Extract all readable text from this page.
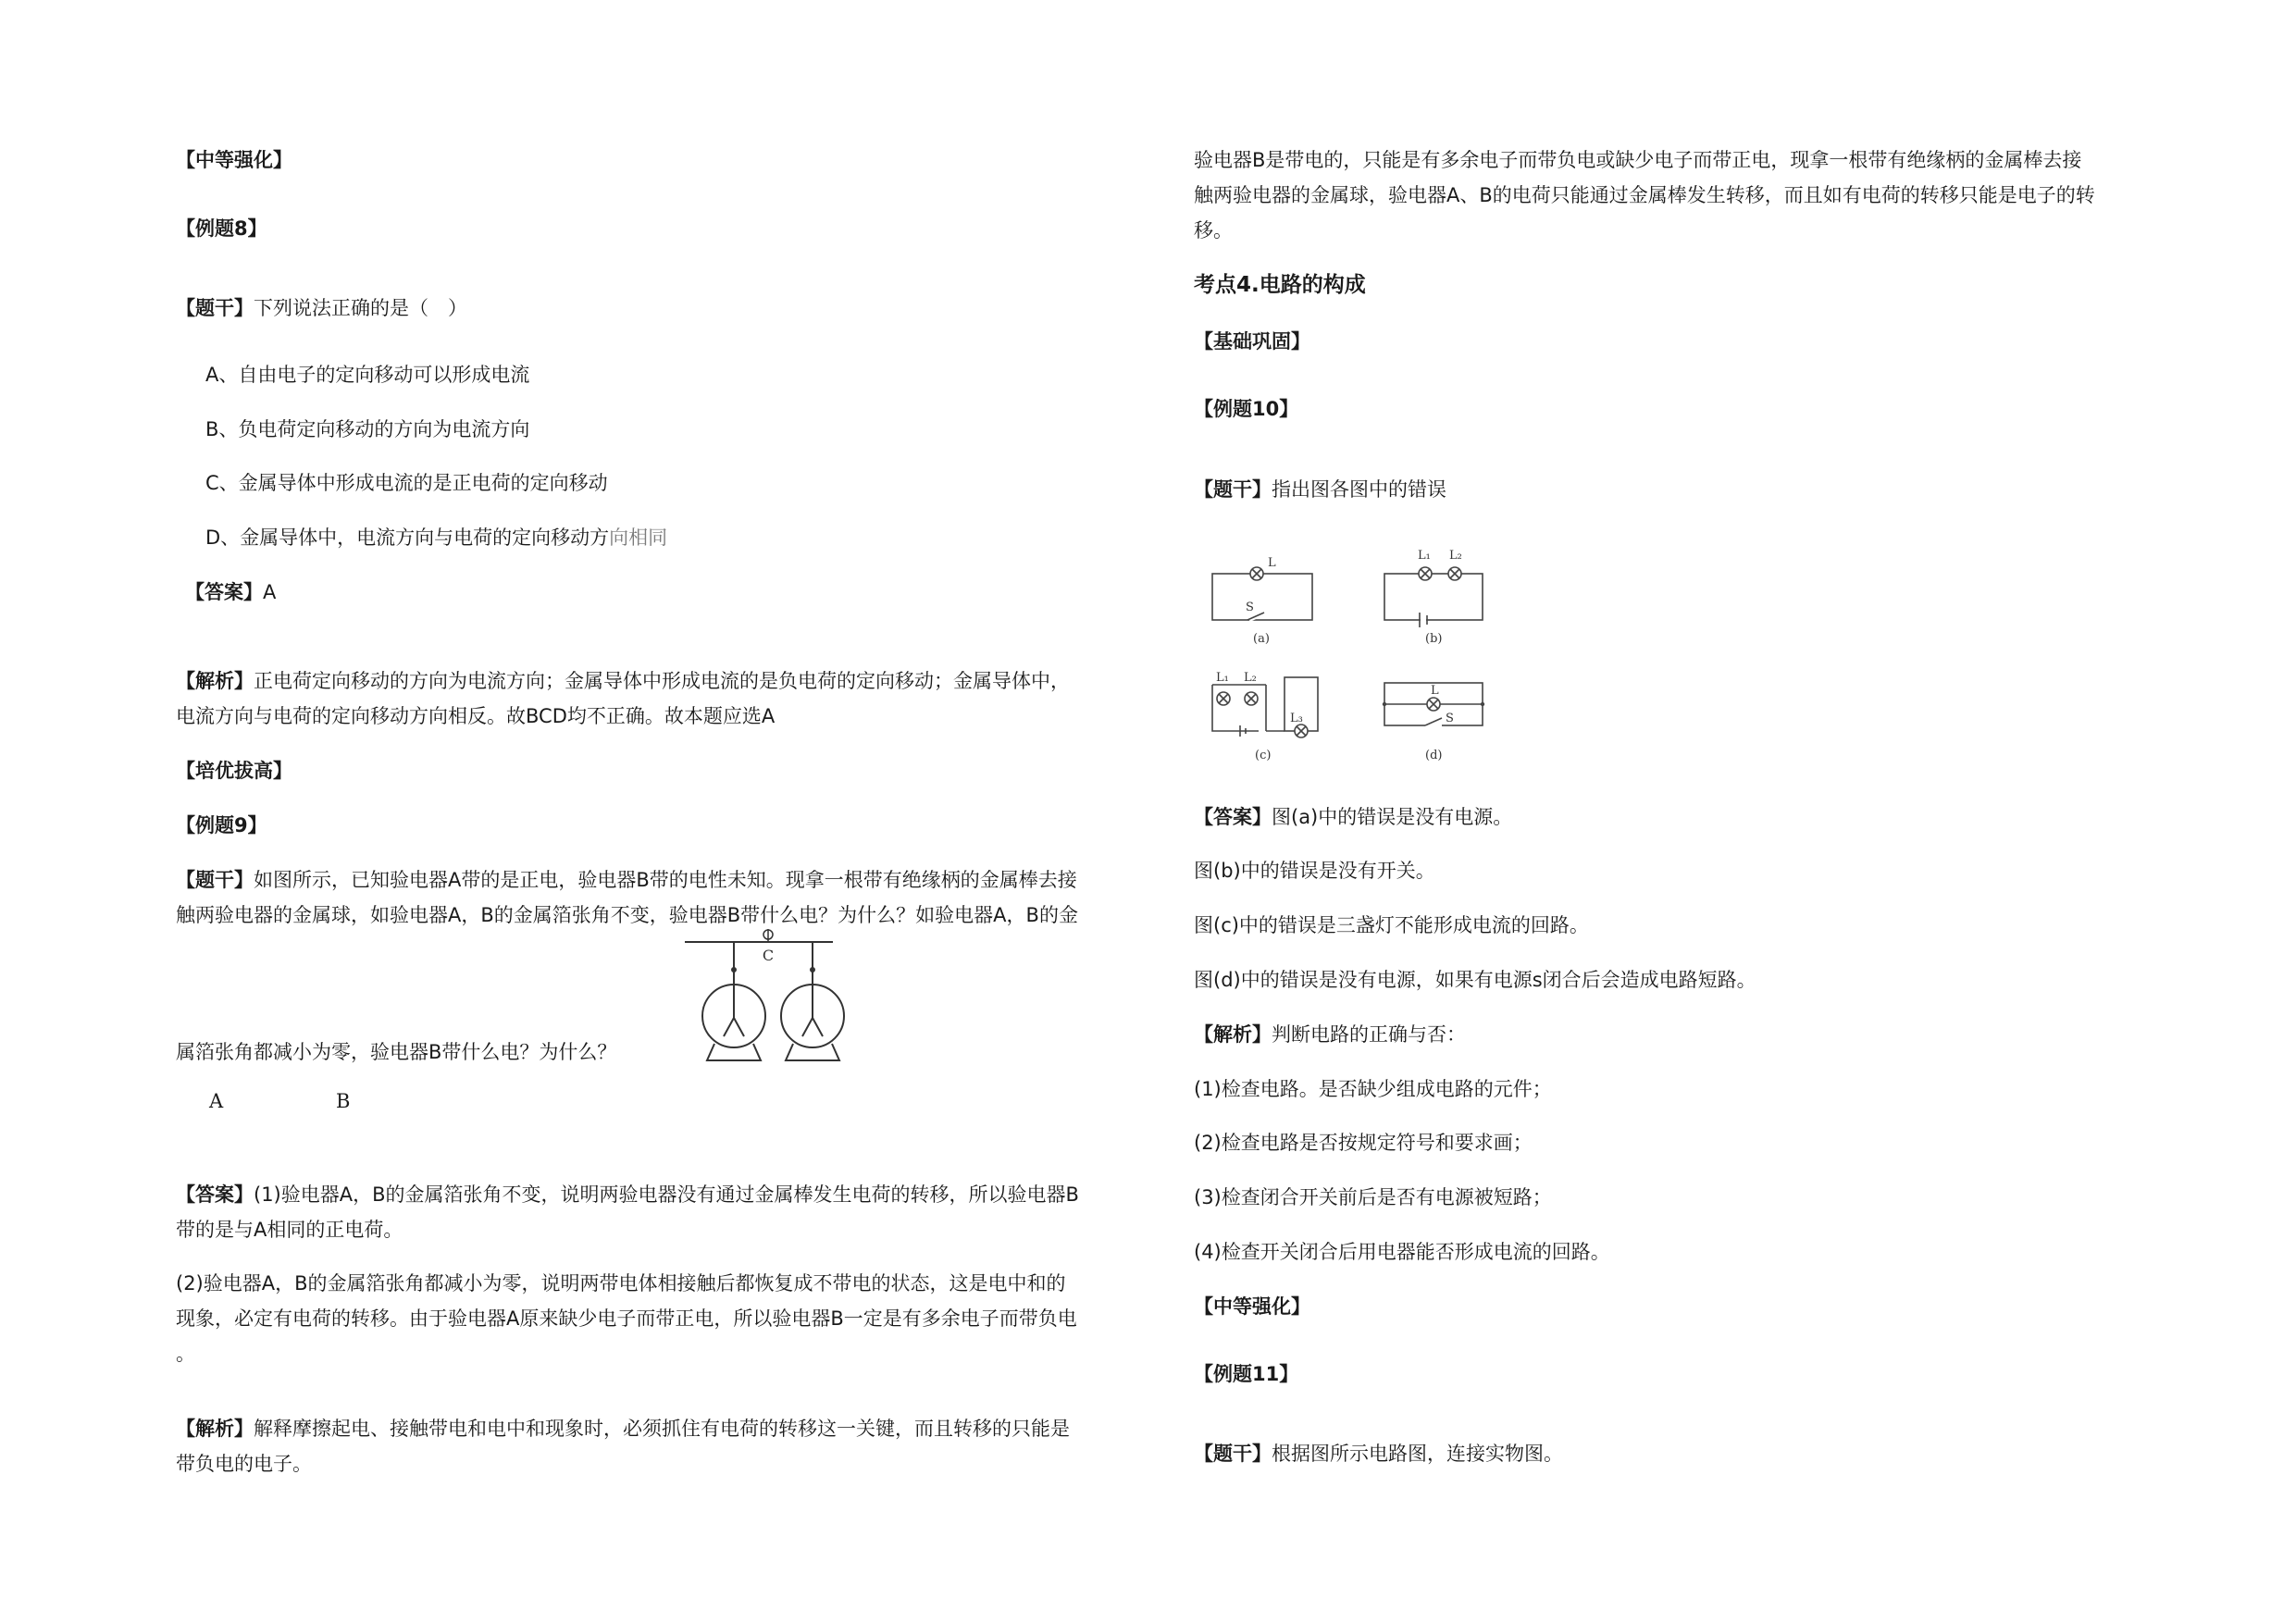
【中等强化】
【例题8】
【题干】下列说法正确的是（　）
A、自由电子的定向移动可以形成电流
B、负电荷定向移动的方向为电流方向
C、金属导体中形成电流的是正电荷的定向移动
D、金属导体中，电流方向与电荷的定向移动方向相同
【答案】A
【解析】正电荷定向移动的方向为电流方向；金属导体中形成电流的是负电荷的定向移动；金属导体中，
电流方向与电荷的定向移动方向相反。故BCD均不正确。故本题应选A
【培优拔高】
【例题9】
【题干】如图所示，已知验电器A带的是正电，验电器B带的电性未知。现拿一根带有绝缘柄的金属棒去接
触两验电器的金属球，如验电器A，B的金属箔张角不变，验电器B带什么电？为什么？如验电器A，B的金
属箔张角都减小为零，验电器B带什么电？为什么？
C
A	B
【答案】(1)验电器A，B的金属箔张角不变，说明两验电器没有通过金属棒发生电荷的转移，所以验电器B
带的是与A相同的正电荷。
(2)验电器A，B的金属箔张角都减小为零，说明两带电体相接触后都恢复成不带电的状态，这是电中和的
现象，必定有电荷的转移。由于验电器A原来缺少电子而带正电，所以验电器B一定是有多余电子而带负电
。
【解析】解释摩擦起电、接触带电和电中和现象时，必须抓住有电荷的转移这一关键，而且转移的只能是
带负电的电子。
验电器B是带电的，只能是有多余电子而带负电或缺少电子而带正电，现拿一根带有绝缘柄的金属棒去接
触两验电器的金属球，验电器A、B的电荷只能通过金属棒发生转移，而且如有电荷的转移只能是电子的转
移。
考点4.电路的构成
【基础巩固】
【例题10】
【题干】指出图各图中的错误
L
S
(a)
L₁ L₂
(b)
L₁ L₂
L₃
(c)
L
S
(d)
【答案】图(a)中的错误是没有电源。
图(b)中的错误是没有开关。
图(c)中的错误是三盏灯不能形成电流的回路。
图(d)中的错误是没有电源，如果有电源s闭合后会造成电路短路。
【解析】判断电路的正确与否：
(1)检查电路。是否缺少组成电路的元件；
(2)检查电路是否按规定符号和要求画；
(3)检查闭合开关前后是否有电源被短路；
(4)检查开关闭合后用电器能否形成电流的回路。
【中等强化】
【例题11】
【题干】根据图所示电路图，连接实物图。
